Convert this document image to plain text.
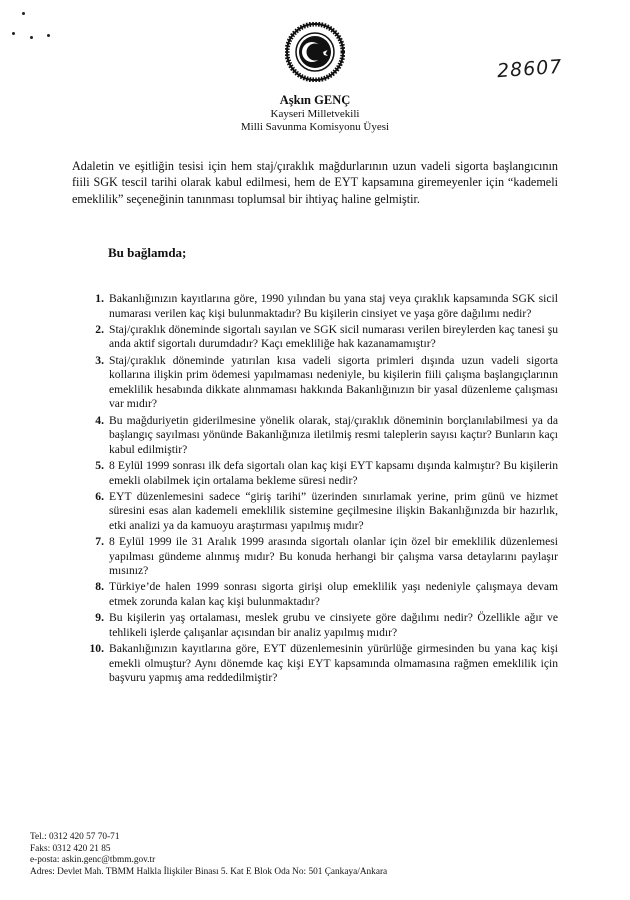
28607
Aşkın GENÇ
Kayseri Milletvekili
Milli Savunma Komisyonu Üyesi

Adaletin ve eşitliğin tesisi için hem staj/çıraklık mağdurlarının uzun vadeli sigorta başlangıcının fiili SGK tescil tarihi olarak kabul edilmesi, hem de EYT kapsamına giremeyenler için “kademeli emeklilik” seçeneğinin tanınması toplumsal bir ihtiyaç haline gelmiştir.

Bu bağlamda;
1. Bakanlığınızın kayıtlarına göre, 1990 yılından bu yana staj veya çıraklık kapsamında SGK sicil numarası verilen kaç kişi bulunmaktadır? Bu kişilerin cinsiyet ve yaşa göre dağılımı nedir?
2. Staj/çıraklık döneminde sigortalı sayılan ve SGK sicil numarası verilen bireylerden kaç tanesi şu anda aktif sigortalı durumdadır? Kaçı emekliliğe hak kazanamamıştır?
3. Staj/çıraklık döneminde yatırılan kısa vadeli sigorta primleri dışında uzun vadeli sigorta kollarına ilişkin prim ödemesi yapılmaması nedeniyle, bu kişilerin fiili çalışma başlangıçlarının emeklilik hesabında dikkate alınmaması hakkında Bakanlığınızın bir yasal düzenleme çalışması var mıdır?
4. Bu mağduriyetin giderilmesine yönelik olarak, staj/çıraklık döneminin borçlanılabilmesi ya da başlangıç sayılması yönünde Bakanlığınıza iletilmiş resmi taleplerin sayısı kaçtır? Bunların kaçı kabul edilmiştir?
5. 8 Eylül 1999 sonrası ilk defa sigortalı olan kaç kişi EYT kapsamı dışında kalmıştır? Bu kişilerin emekli olabilmek için ortalama bekleme süresi nedir?
6. EYT düzenlemesini sadece “giriş tarihi” üzerinden sınırlamak yerine, prim günü ve hizmet süresini esas alan kademeli emeklilik sistemine geçilmesine ilişkin Bakanlığınızda bir hazırlık, etki analizi ya da kamuoyu araştırması yapılmış mıdır?
7. 8 Eylül 1999 ile 31 Aralık 1999 arasında sigortalı olanlar için özel bir emeklilik düzenlemesi yapılması gündeme alınmış mıdır? Bu konuda herhangi bir çalışma varsa detaylarını paylaşır mısınız?
8. Türkiye’de halen 1999 sonrası sigorta girişi olup emeklilik yaşı nedeniyle çalışmaya devam etmek zorunda kalan kaç kişi bulunmaktadır?
9. Bu kişilerin yaş ortalaması, meslek grubu ve cinsiyete göre dağılımı nedir? Özellikle ağır ve tehlikeli işlerde çalışanlar açısından bir analiz yapılmış mıdır?
10. Bakanlığınızın kayıtlarına göre, EYT düzenlemesinin yürürlüğe girmesinden bu yana kaç kişi emekli olmuştur? Aynı dönemde kaç kişi EYT kapsamında olmamasına rağmen emeklilik için başvuru yapmış ama reddedilmiştir?
Tel.: 0312 420 57 70-71
Faks: 0312 420 21 85
e-posta: askin.genc@tbmm.gov.tr
Adres: Devlet Mah. TBMM Halkla İlişkiler Binası 5. Kat E Blok Oda No: 501 Çankaya/Ankara
